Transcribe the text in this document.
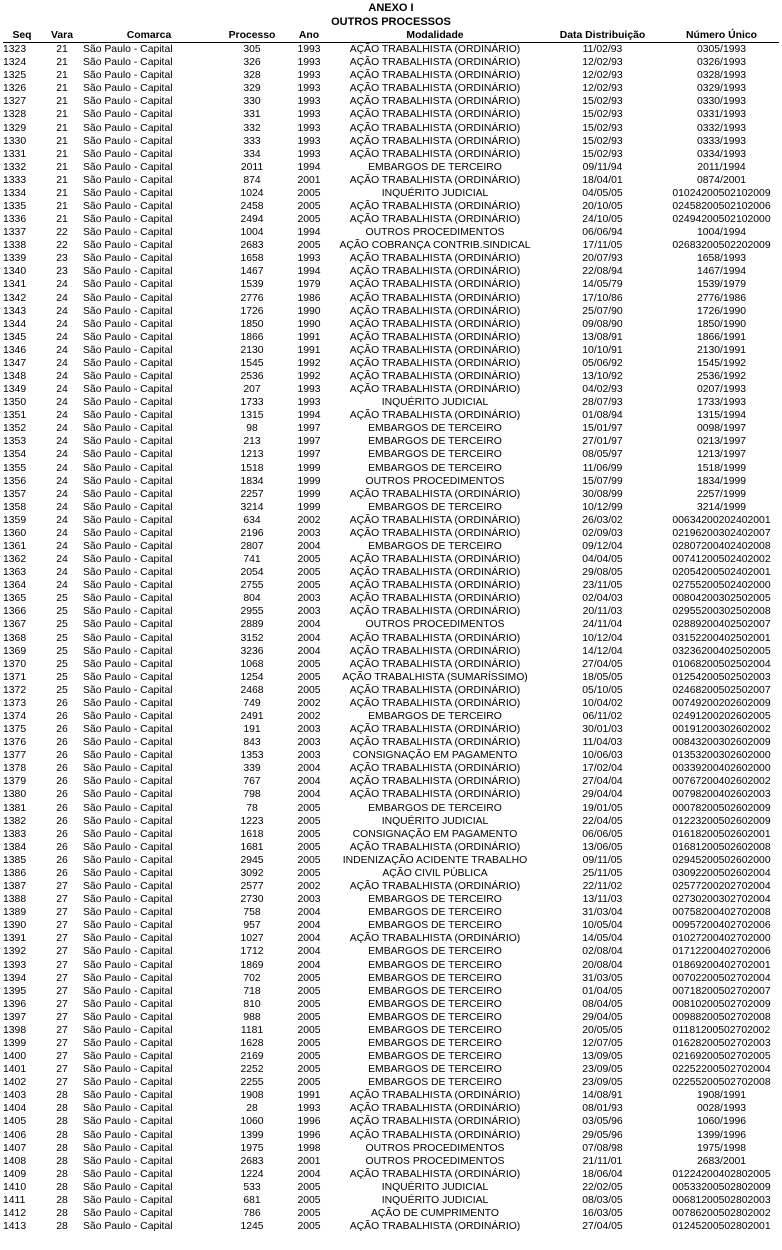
ANEXO I
OUTROS PROCESSOS
Seq	Vara	Comarca	Processo	Ano	Modalidade	Data Distribuição	Número Único
1323	21	São Paulo - Capital	305	1993	AÇÃO TRABALHISTA (ORDINÁRIO)	11/02/93	0305/1993
1324	21	São Paulo - Capital	326	1993	AÇÃO TRABALHISTA (ORDINÁRIO)	12/02/93	0326/1993
1325	21	São Paulo - Capital	328	1993	AÇÃO TRABALHISTA (ORDINÁRIO)	12/02/93	0328/1993
1326	21	São Paulo - Capital	329	1993	AÇÃO TRABALHISTA (ORDINÁRIO)	12/02/93	0329/1993
1327	21	São Paulo - Capital	330	1993	AÇÃO TRABALHISTA (ORDINÁRIO)	15/02/93	0330/1993
1328	21	São Paulo - Capital	331	1993	AÇÃO TRABALHISTA (ORDINÁRIO)	15/02/93	0331/1993
1329	21	São Paulo - Capital	332	1993	AÇÃO TRABALHISTA (ORDINÁRIO)	15/02/93	0332/1993
1330	21	São Paulo - Capital	333	1993	AÇÃO TRABALHISTA (ORDINÁRIO)	15/02/93	0333/1993
1331	21	São Paulo - Capital	334	1993	AÇÃO TRABALHISTA (ORDINÁRIO)	15/02/93	0334/1993
1332	21	São Paulo - Capital	2011	1994	EMBARGOS DE TERCEIRO	09/11/94	2011/1994
1333	21	São Paulo - Capital	874	2001	AÇÃO TRABALHISTA (ORDINÁRIO)	18/04/01	0874/2001
1334	21	São Paulo - Capital	1024	2005	INQUÉRITO JUDICIAL	04/05/05	01024200502102009
1335	21	São Paulo - Capital	2458	2005	AÇÃO TRABALHISTA (ORDINÁRIO)	20/10/05	02458200502102006
1336	21	São Paulo - Capital	2494	2005	AÇÃO TRABALHISTA (ORDINÁRIO)	24/10/05	02494200502102000
1337	22	São Paulo - Capital	1004	1994	OUTROS PROCEDIMENTOS	06/06/94	1004/1994
1338	22	São Paulo - Capital	2683	2005	AÇÃO COBRANÇA CONTRIB.SINDICAL	17/11/05	02683200502202009
1339	23	São Paulo - Capital	1658	1993	AÇÃO TRABALHISTA (ORDINÁRIO)	20/07/93	1658/1993
1340	23	São Paulo - Capital	1467	1994	AÇÃO TRABALHISTA (ORDINÁRIO)	22/08/94	1467/1994
1341	24	São Paulo - Capital	1539	1979	AÇÃO TRABALHISTA (ORDINÁRIO)	14/05/79	1539/1979
1342	24	São Paulo - Capital	2776	1986	AÇÃO TRABALHISTA (ORDINÁRIO)	17/10/86	2776/1986
1343	24	São Paulo - Capital	1726	1990	AÇÃO TRABALHISTA (ORDINÁRIO)	25/07/90	1726/1990
1344	24	São Paulo - Capital	1850	1990	AÇÃO TRABALHISTA (ORDINÁRIO)	09/08/90	1850/1990
1345	24	São Paulo - Capital	1866	1991	AÇÃO TRABALHISTA (ORDINÁRIO)	13/08/91	1866/1991
1346	24	São Paulo - Capital	2130	1991	AÇÃO TRABALHISTA (ORDINÁRIO)	10/10/91	2130/1991
1347	24	São Paulo - Capital	1545	1992	AÇÃO TRABALHISTA (ORDINÁRIO)	05/06/92	1545/1992
1348	24	São Paulo - Capital	2536	1992	AÇÃO TRABALHISTA (ORDINÁRIO)	13/10/92	2536/1992
1349	24	São Paulo - Capital	207	1993	AÇÃO TRABALHISTA (ORDINÁRIO)	04/02/93	0207/1993
1350	24	São Paulo - Capital	1733	1993	INQUÉRITO JUDICIAL	28/07/93	1733/1993
1351	24	São Paulo - Capital	1315	1994	AÇÃO TRABALHISTA (ORDINÁRIO)	01/08/94	1315/1994
1352	24	São Paulo - Capital	98	1997	EMBARGOS DE TERCEIRO	15/01/97	0098/1997
1353	24	São Paulo - Capital	213	1997	EMBARGOS DE TERCEIRO	27/01/97	0213/1997
1354	24	São Paulo - Capital	1213	1997	EMBARGOS DE TERCEIRO	08/05/97	1213/1997
1355	24	São Paulo - Capital	1518	1999	EMBARGOS DE TERCEIRO	11/06/99	1518/1999
1356	24	São Paulo - Capital	1834	1999	OUTROS PROCEDIMENTOS	15/07/99	1834/1999
1357	24	São Paulo - Capital	2257	1999	AÇÃO TRABALHISTA (ORDINÁRIO)	30/08/99	2257/1999
1358	24	São Paulo - Capital	3214	1999	EMBARGOS DE TERCEIRO	10/12/99	3214/1999
1359	24	São Paulo - Capital	634	2002	AÇÃO TRABALHISTA (ORDINÁRIO)	26/03/02	00634200202402001
1360	24	São Paulo - Capital	2196	2003	AÇÃO TRABALHISTA (ORDINÁRIO)	02/09/03	02196200302402007
1361	24	São Paulo - Capital	2807	2004	EMBARGOS DE TERCEIRO	09/12/04	02807200402402008
1362	24	São Paulo - Capital	741	2005	AÇÃO TRABALHISTA (ORDINÁRIO)	04/04/05	00741200502402002
1363	24	São Paulo - Capital	2054	2005	AÇÃO TRABALHISTA (ORDINÁRIO)	29/08/05	02054200502402001
1364	24	São Paulo - Capital	2755	2005	AÇÃO TRABALHISTA (ORDINÁRIO)	23/11/05	02755200502402000
1365	25	São Paulo - Capital	804	2003	AÇÃO TRABALHISTA (ORDINÁRIO)	02/04/03	00804200302502005
1366	25	São Paulo - Capital	2955	2003	AÇÃO TRABALHISTA (ORDINÁRIO)	20/11/03	02955200302502008
1367	25	São Paulo - Capital	2889	2004	OUTROS PROCEDIMENTOS	24/11/04	02889200402502007
1368	25	São Paulo - Capital	3152	2004	AÇÃO TRABALHISTA (ORDINÁRIO)	10/12/04	03152200402502001
1369	25	São Paulo - Capital	3236	2004	AÇÃO TRABALHISTA (ORDINÁRIO)	14/12/04	03236200402502005
1370	25	São Paulo - Capital	1068	2005	AÇÃO TRABALHISTA (ORDINÁRIO)	27/04/05	01068200502502004
1371	25	São Paulo - Capital	1254	2005	AÇÃO TRABALHISTA (SUMARÍSSIMO)	18/05/05	01254200502502003
1372	25	São Paulo - Capital	2468	2005	AÇÃO TRABALHISTA (ORDINÁRIO)	05/10/05	02468200502502007
1373	26	São Paulo - Capital	749	2002	AÇÃO TRABALHISTA (ORDINÁRIO)	10/04/02	00749200202602009
1374	26	São Paulo - Capital	2491	2002	EMBARGOS DE TERCEIRO	06/11/02	02491200202602005
1375	26	São Paulo - Capital	191	2003	AÇÃO TRABALHISTA (ORDINÁRIO)	30/01/03	00191200302602002
1376	26	São Paulo - Capital	843	2003	AÇÃO TRABALHISTA (ORDINÁRIO)	11/04/03	00843200302602009
1377	26	São Paulo - Capital	1353	2003	CONSIGNAÇÃO EM PAGAMENTO	10/06/03	01353200302602000
1378	26	São Paulo - Capital	339	2004	AÇÃO TRABALHISTA (ORDINÁRIO)	17/02/04	00339200402602000
1379	26	São Paulo - Capital	767	2004	AÇÃO TRABALHISTA (ORDINÁRIO)	27/04/04	00767200402602002
1380	26	São Paulo - Capital	798	2004	AÇÃO TRABALHISTA (ORDINÁRIO)	29/04/04	00798200402602003
1381	26	São Paulo - Capital	78	2005	EMBARGOS DE TERCEIRO	19/01/05	00078200502602009
1382	26	São Paulo - Capital	1223	2005	INQUÉRITO JUDICIAL	22/04/05	01223200502602009
1383	26	São Paulo - Capital	1618	2005	CONSIGNAÇÃO EM PAGAMENTO	06/06/05	01618200502602001
1384	26	São Paulo - Capital	1681	2005	AÇÃO TRABALHISTA (ORDINÁRIO)	13/06/05	01681200502602008
1385	26	São Paulo - Capital	2945	2005	INDENIZAÇÃO ACIDENTE TRABALHO	09/11/05	02945200502602000
1386	26	São Paulo - Capital	3092	2005	AÇÃO CIVIL PÚBLICA	25/11/05	03092200502602004
1387	27	São Paulo - Capital	2577	2002	AÇÃO TRABALHISTA (ORDINÁRIO)	22/11/02	02577200202702004
1388	27	São Paulo - Capital	2730	2003	EMBARGOS DE TERCEIRO	13/11/03	02730200302702004
1389	27	São Paulo - Capital	758	2004	EMBARGOS DE TERCEIRO	31/03/04	00758200402702008
1390	27	São Paulo - Capital	957	2004	EMBARGOS DE TERCEIRO	10/05/04	00957200402702006
1391	27	São Paulo - Capital	1027	2004	AÇÃO TRABALHISTA (ORDINÁRIO)	14/05/04	01027200402702000
1392	27	São Paulo - Capital	1712	2004	EMBARGOS DE TERCEIRO	02/08/04	01712200402702006
1393	27	São Paulo - Capital	1869	2004	EMBARGOS DE TERCEIRO	20/08/04	01869200402702001
1394	27	São Paulo - Capital	702	2005	EMBARGOS DE TERCEIRO	31/03/05	00702200502702004
1395	27	São Paulo - Capital	718	2005	EMBARGOS DE TERCEIRO	01/04/05	00718200502702007
1396	27	São Paulo - Capital	810	2005	EMBARGOS DE TERCEIRO	08/04/05	00810200502702009
1397	27	São Paulo - Capital	988	2005	EMBARGOS DE TERCEIRO	29/04/05	00988200502702008
1398	27	São Paulo - Capital	1181	2005	EMBARGOS DE TERCEIRO	20/05/05	01181200502702002
1399	27	São Paulo - Capital	1628	2005	EMBARGOS DE TERCEIRO	12/07/05	01628200502702003
1400	27	São Paulo - Capital	2169	2005	EMBARGOS DE TERCEIRO	13/09/05	02169200502702005
1401	27	São Paulo - Capital	2252	2005	EMBARGOS DE TERCEIRO	23/09/05	02252200502702004
1402	27	São Paulo - Capital	2255	2005	EMBARGOS DE TERCEIRO	23/09/05	02255200502702008
1403	28	São Paulo - Capital	1908	1991	AÇÃO TRABALHISTA (ORDINÁRIO)	14/08/91	1908/1991
1404	28	São Paulo - Capital	28	1993	AÇÃO TRABALHISTA (ORDINÁRIO)	08/01/93	0028/1993
1405	28	São Paulo - Capital	1060	1996	AÇÃO TRABALHISTA (ORDINÁRIO)	03/05/96	1060/1996
1406	28	São Paulo - Capital	1399	1996	AÇÃO TRABALHISTA (ORDINÁRIO)	29/05/96	1399/1996
1407	28	São Paulo - Capital	1975	1998	OUTROS PROCEDIMENTOS	07/08/98	1975/1998
1408	28	São Paulo - Capital	2683	2001	OUTROS PROCEDIMENTOS	21/11/01	2683/2001
1409	28	São Paulo - Capital	1224	2004	AÇÃO TRABALHISTA (ORDINÁRIO)	18/06/04	01224200402802005
1410	28	São Paulo - Capital	533	2005	INQUÉRITO JUDICIAL	22/02/05	00533200502802009
1411	28	São Paulo - Capital	681	2005	INQUÉRITO JUDICIAL	08/03/05	00681200502802003
1412	28	São Paulo - Capital	786	2005	AÇÃO DE CUMPRIMENTO	16/03/05	00786200502802002
1413	28	São Paulo - Capital	1245	2005	AÇÃO TRABALHISTA (ORDINÁRIO)	27/04/05	01245200502802001
